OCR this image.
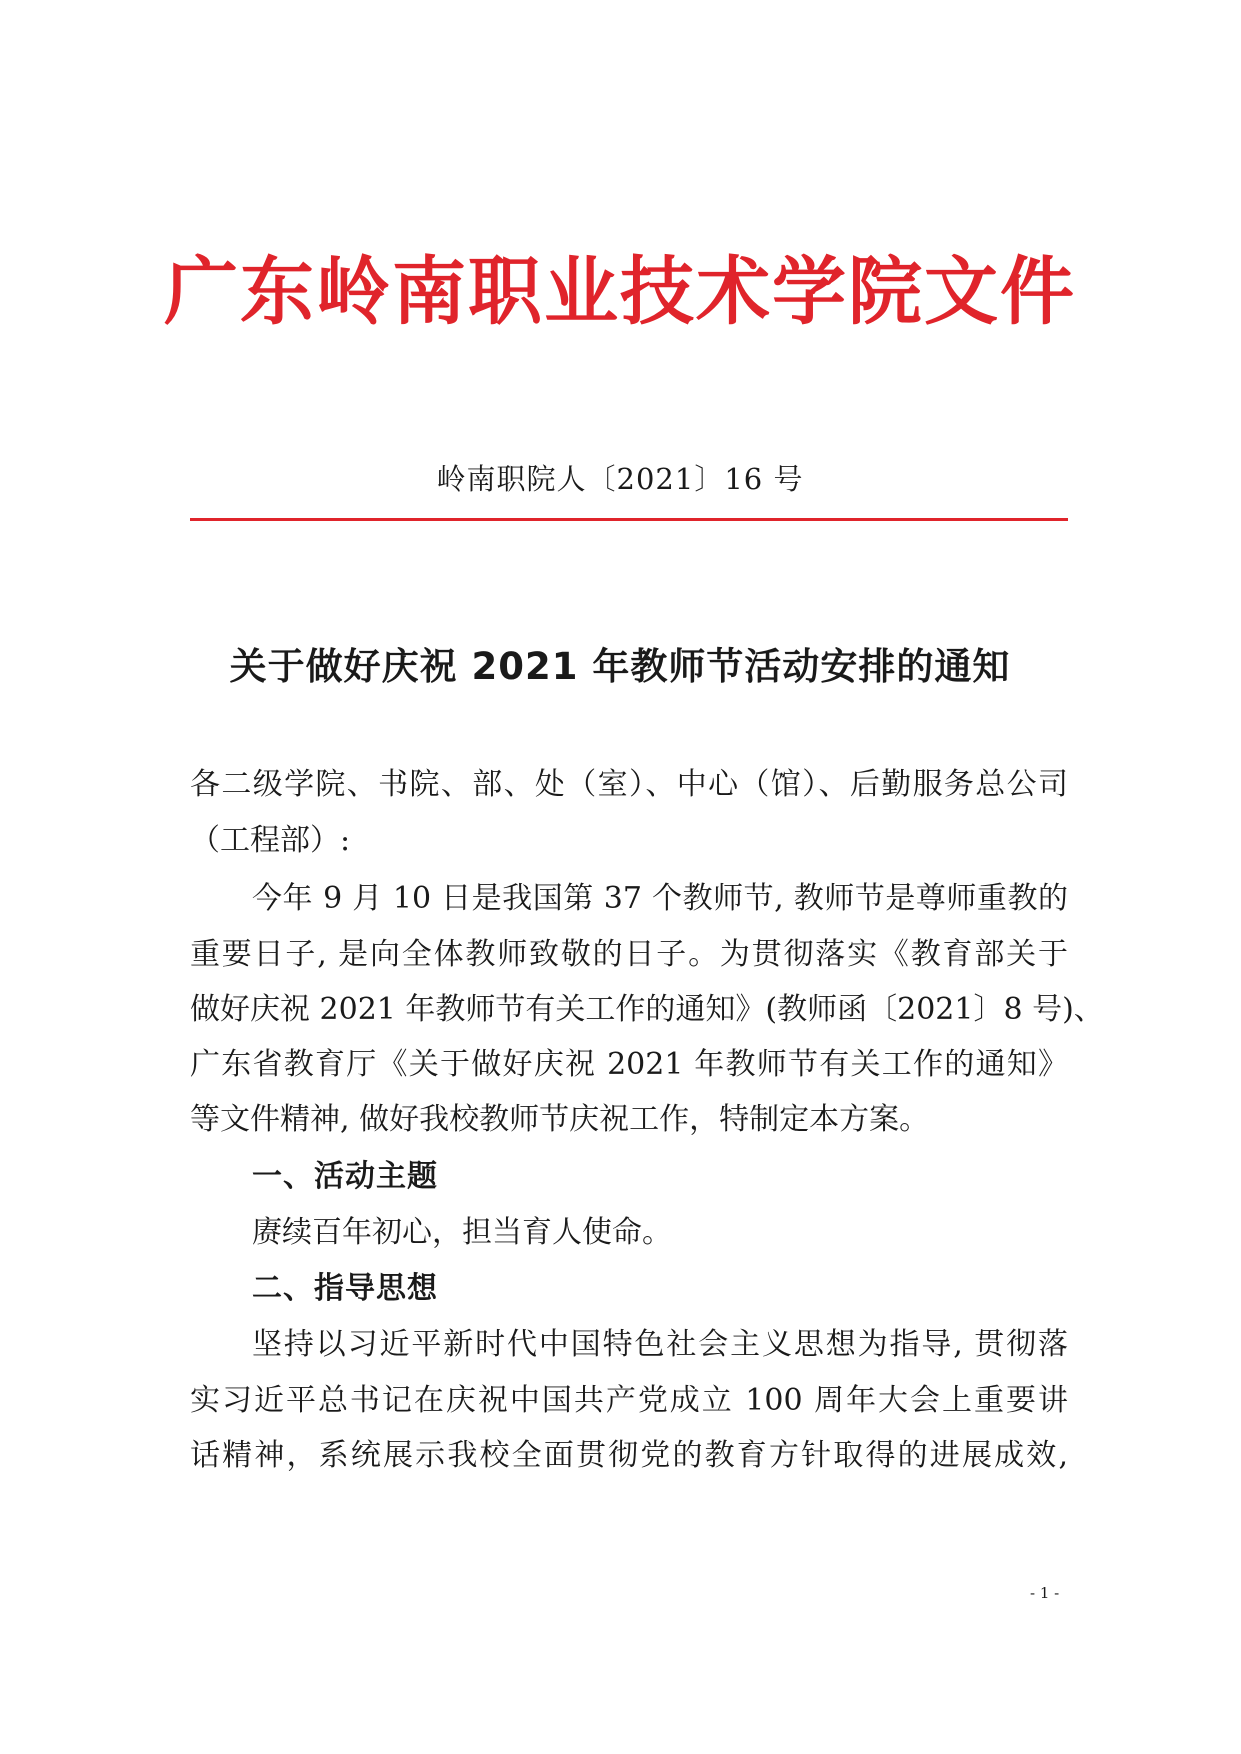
广东岭南职业技术学院文件
岭南职院人〔2021〕16 号
关于做好庆祝 2021 年教师节活动安排的通知
各二级学院、书院、部、处（室）、中心（馆）、后勤服务总公司
（工程部）:
今年 9 月 10 日是我国第 37 个教师节, 教师节是尊师重教的
重要日子, 是向全体教师致敬的日子。为贯彻落实《教育部关于
做好庆祝 2021 年教师节有关工作的通知》(教师函〔2021〕8 号)、
广东省教育厅《关于做好庆祝 2021 年教师节有关工作的通知》
等文件精神, 做好我校教师节庆祝工作，特制定本方案。
一、活动主题
赓续百年初心，担当育人使命。
二、指导思想
坚持以习近平新时代中国特色社会主义思想为指导, 贯彻落
实习近平总书记在庆祝中国共产党成立 100 周年大会上重要讲
话精神，系统展示我校全面贯彻党的教育方针取得的进展成效,
- 1 -
